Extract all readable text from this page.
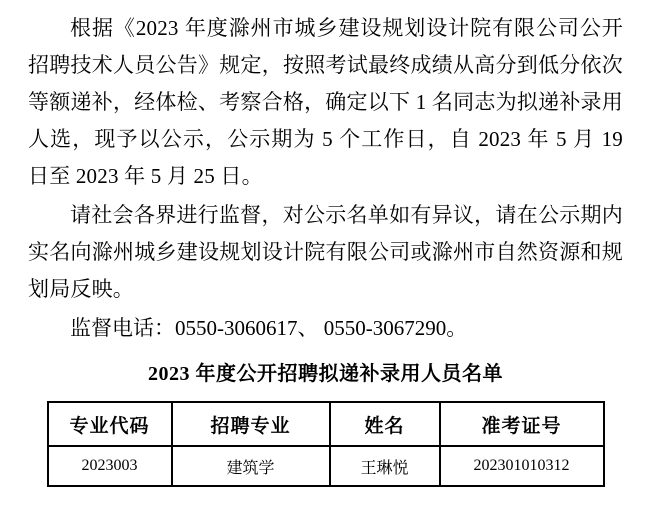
根据《2023 年度滁州市城乡建设规划设计院有限公司公开招聘技术人员公告》规定，按照考试最终成绩从高分到低分依次等额递补，经体检、考察合格，确定以下 1 名同志为拟递补录用人选，现予以公示，公示期为 5 个工作日，自 2023 年 5 月 19 日至 2023 年 5 月 25 日。

请社会各界进行监督，对公示名单如有异议，请在公示期内实名向滁州城乡建设规划设计院有限公司或滁州市自然资源和规划局反映。

监督电话：0550-3060617、 0550-3067290。

2023 年度公开招聘拟递补录用人员名单
专业代码	招聘专业	姓名	准考证号
2023003	建筑学	王琳悦	202301010312
